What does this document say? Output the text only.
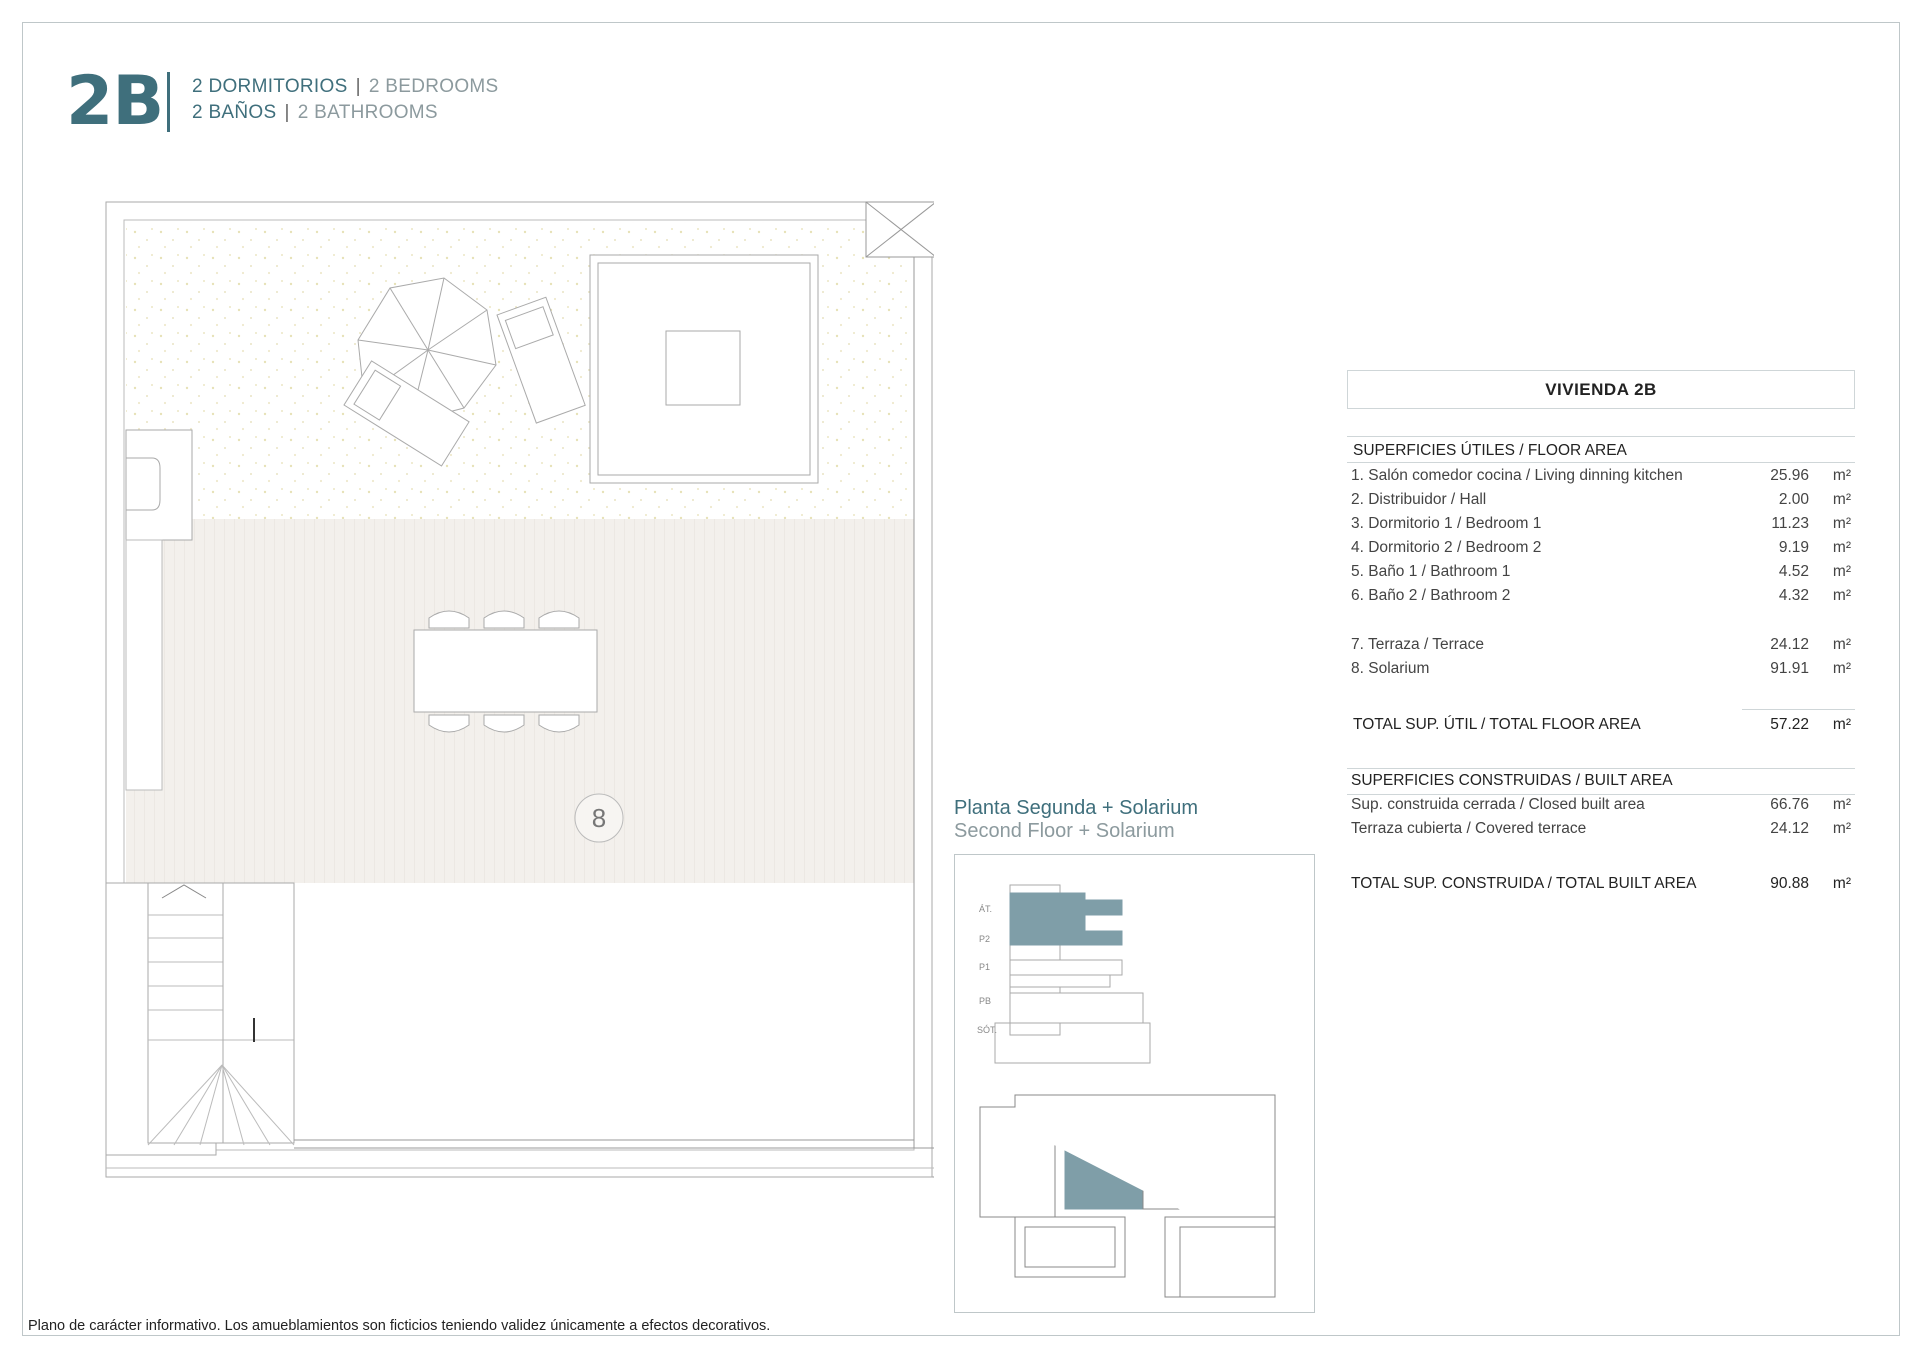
2B 2 DORMITORIOS | 2 BEDROOMS
2 BAÑOS | 2 BATHROOMS
8	Planta Segunda + Solarium
Second Floor + Solarium
ÁT.
P2
P1
PB
SÓT.
VIVIENDA 2B
SUPERFICIES ÚTILES / FLOOR AREA
1. Salón comedor cocina / Living dinning kitchen	25.96	m²
2. Distribuidor / Hall	2.00	m²
3. Dormitorio 1 / Bedroom 1	11.23	m²
4. Dormitorio 2 / Bedroom 2	9.19	m²
5. Baño 1 / Bathroom 1	4.52	m²
6. Baño 2 / Bathroom 2	4.32	m²
7. Terraza / Terrace	24.12	m²
8. Solarium	91.91	m²
TOTAL SUP. ÚTIL / TOTAL FLOOR AREA	57.22	m²
SUPERFICIES CONSTRUIDAS / BUILT AREA
Sup. construida cerrada / Closed built area	66.76	m²
Terraza cubierta / Covered terrace	24.12	m²
TOTAL SUP. CONSTRUIDA / TOTAL BUILT AREA	90.88	m²
Plano de carácter informativo. Los amueblamientos son ficticios teniendo validez únicamente a efectos decorativos.
